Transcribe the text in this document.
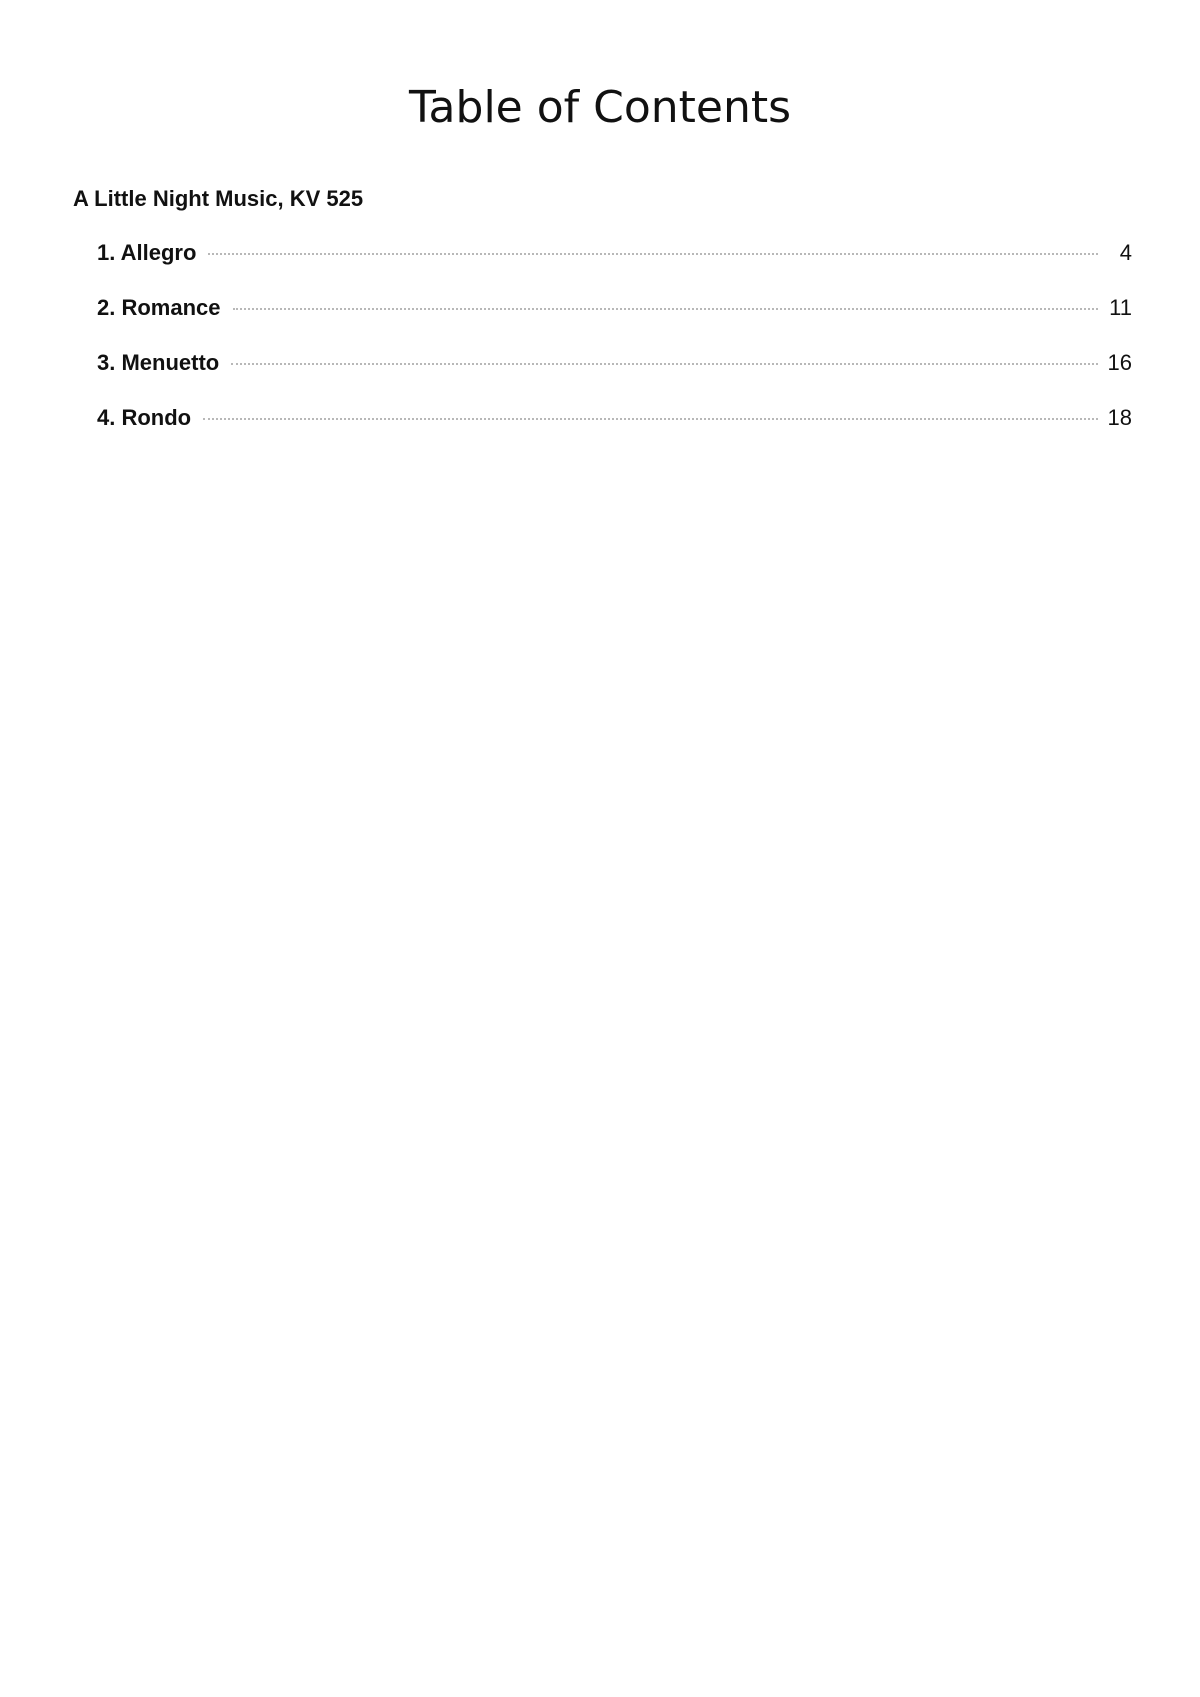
Table of Contents
A Little Night Music, KV 525
1. Allegro	4
2. Romance	11
3. Menuetto	16
4. Rondo	18
